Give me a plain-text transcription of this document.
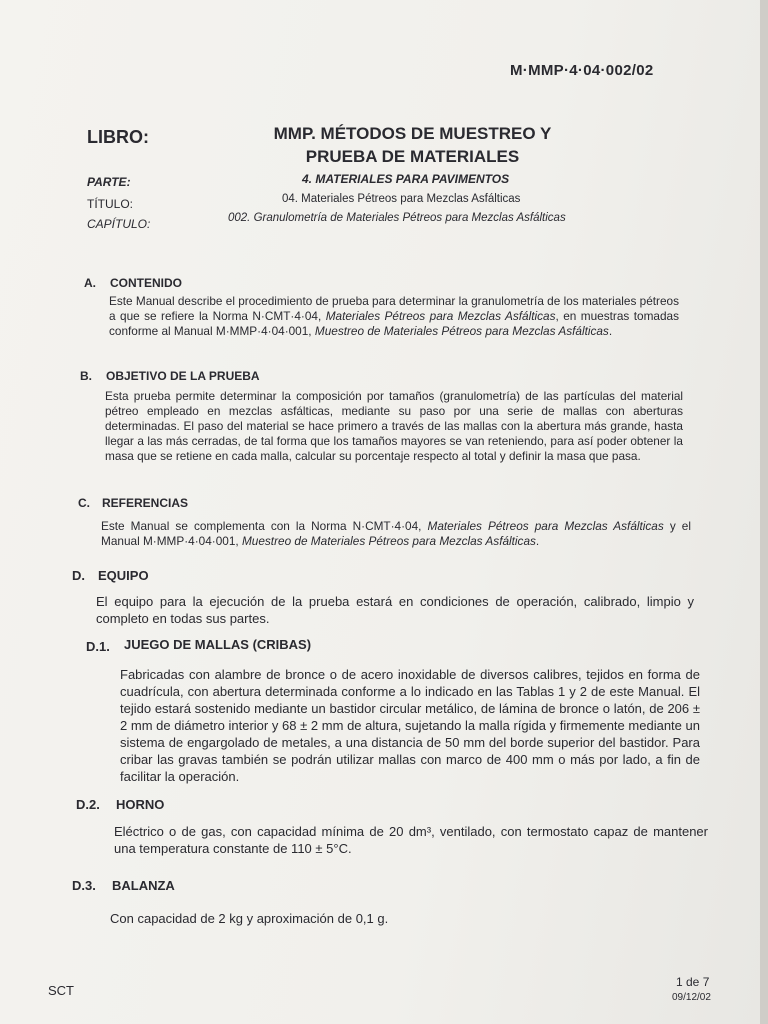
M·MMP·4·04·002/02
LIBRO:	MMP. MÉTODOS DE MUESTREO Y
PRUEBA DE MATERIALES
PARTE:	4. MATERIALES PARA PAVIMENTOS
TÍTULO:	04. Materiales Pétreos para Mezclas Asfálticas
CAPÍTULO:	002. Granulometría de Materiales Pétreos para Mezclas Asfálticas
A. CONTENIDO
Este Manual describe el procedimiento de prueba para determinar la granulometría de los materiales pétreos a que se refiere la Norma N·CMT·4·04, Materiales Pétreos para Mezclas Asfálticas, en muestras tomadas conforme al Manual M·MMP·4·04·001, Muestreo de Materiales Pétreos para Mezclas Asfálticas.
B. OBJETIVO DE LA PRUEBA
Esta prueba permite determinar la composición por tamaños (granulometría) de las partículas del material pétreo empleado en mezclas asfálticas, mediante su paso por una serie de mallas con aberturas determinadas. El paso del material se hace primero a través de las mallas con la abertura más grande, hasta llegar a las más cerradas, de tal forma que los tamaños mayores se van reteniendo, para así poder obtener la masa que se retiene en cada malla, calcular su porcentaje respecto al total y definir la masa que pasa.
C. REFERENCIAS
Este Manual se complementa con la Norma N·CMT·4·04, Materiales Pétreos para Mezclas Asfálticas y el Manual M·MMP·4·04·001, Muestreo de Materiales Pétreos para Mezclas Asfálticas.
D. EQUIPO
El equipo para la ejecución de la prueba estará en condiciones de operación, calibrado, limpio y completo en todas sus partes.
D.1. JUEGO DE MALLAS (CRIBAS)
Fabricadas con alambre de bronce o de acero inoxidable de diversos calibres, tejidos en forma de cuadrícula, con abertura determinada conforme a lo indicado en las Tablas 1 y 2 de este Manual. El tejido estará sostenido mediante un bastidor circular metálico, de lámina de bronce o latón, de 206 ± 2 mm de diámetro interior y 68 ± 2 mm de altura, sujetando la malla rígida y firmemente mediante un sistema de engargolado de metales, a una distancia de 50 mm del borde superior del bastidor. Para cribar las gravas también se podrán utilizar mallas con marco de 400 mm o más por lado, a fin de facilitar la operación.
D.2. HORNO
Eléctrico o de gas, con capacidad mínima de 20 dm³, ventilado, con termostato capaz de mantener una temperatura constante de 110 ± 5°C.
D.3. BALANZA
Con capacidad de 2 kg y aproximación de 0,1 g.
SCT
1 de 7
09/12/02
